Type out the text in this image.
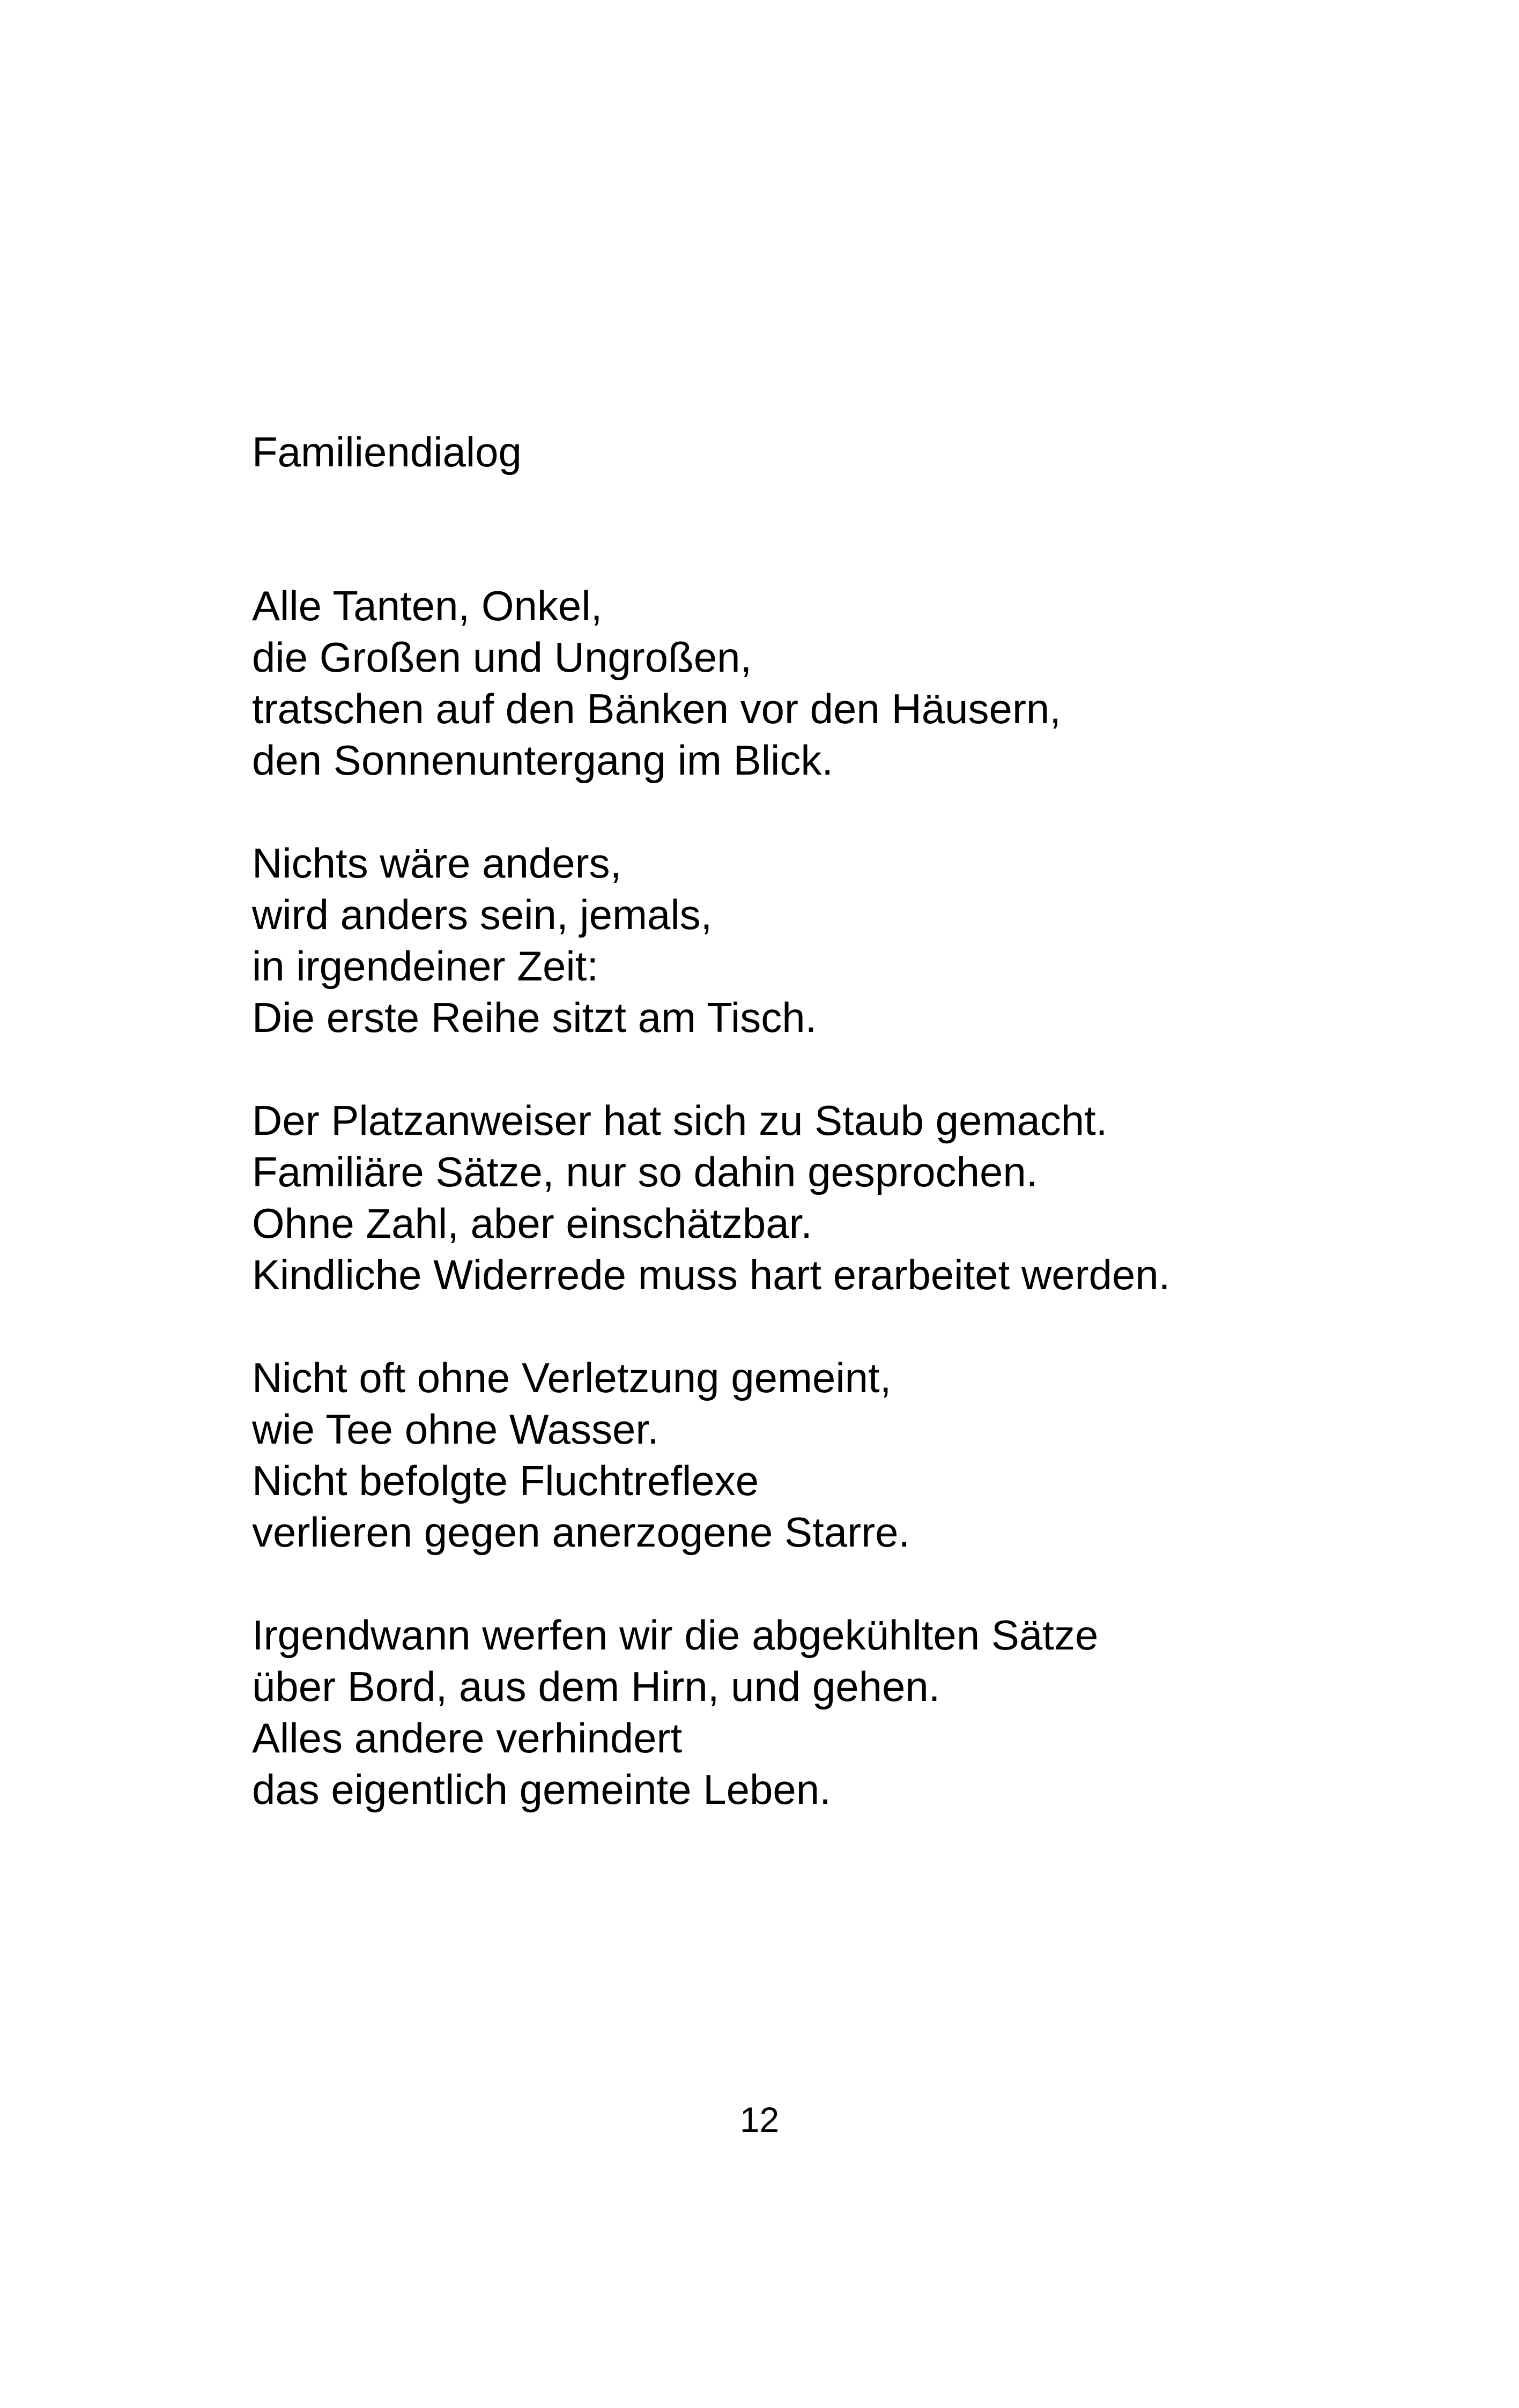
Familiendialog
Alle Tanten, Onkel,
die Großen und Ungroßen,
tratschen auf den Bänken vor den Häusern,
den Sonnenuntergang im Blick.
Nichts wäre anders,
wird anders sein, jemals,
in irgendeiner Zeit:
Die erste Reihe sitzt am Tisch.
Der Platzanweiser hat sich zu Staub gemacht.
Familiäre Sätze, nur so dahin gesprochen.
Ohne Zahl, aber einschätzbar.
Kindliche Widerrede muss hart erarbeitet werden.
Nicht oft ohne Verletzung gemeint,
wie Tee ohne Wasser.
Nicht befolgte Fluchtreflexe
verlieren gegen anerzogene Starre.
Irgendwann werfen wir die abgekühlten Sätze
über Bord, aus dem Hirn, und gehen.
Alles andere verhindert
das eigentlich gemeinte Leben.
12
